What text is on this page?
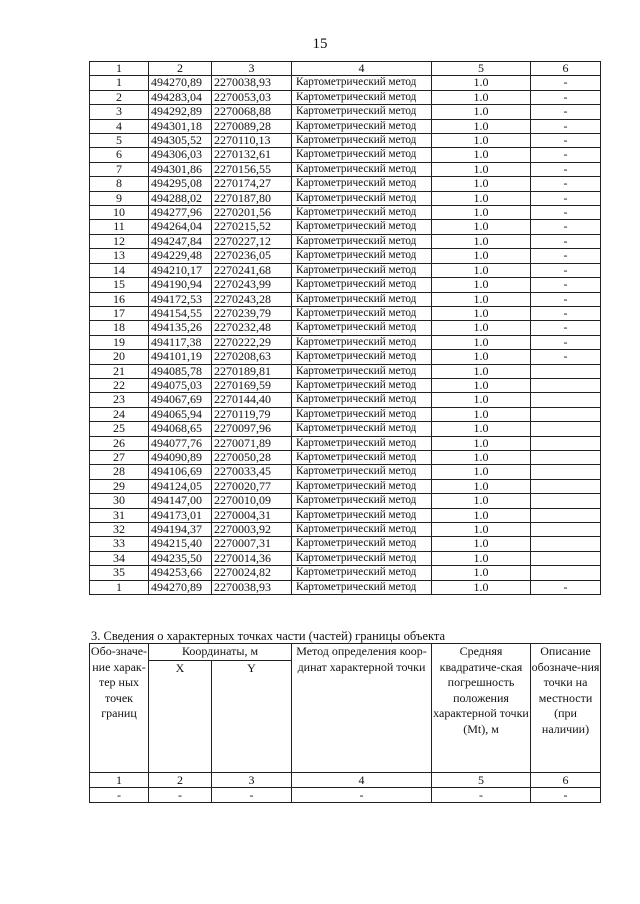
15
1	2	3	4	5	6
1	494270,89	2270038,93	Картометрический метод	1.0	-
2	494283,04	2270053,03	Картометрический метод	1.0	-
3	494292,89	2270068,88	Картометрический метод	1.0	-
4	494301,18	2270089,28	Картометрический метод	1.0	-
5	494305,52	2270110,13	Картометрический метод	1.0	-
6	494306,03	2270132,61	Картометрический метод	1.0	-
7	494301,86	2270156,55	Картометрический метод	1.0	-
8	494295,08	2270174,27	Картометрический метод	1.0	-
9	494288,02	2270187,80	Картометрический метод	1.0	-
10	494277,96	2270201,56	Картометрический метод	1.0	-
11	494264,04	2270215,52	Картометрический метод	1.0	-
12	494247,84	2270227,12	Картометрический метод	1.0	-
13	494229,48	2270236,05	Картометрический метод	1.0	-
14	494210,17	2270241,68	Картометрический метод	1.0	-
15	494190,94	2270243,99	Картометрический метод	1.0	-
16	494172,53	2270243,28	Картометрический метод	1.0	-
17	494154,55	2270239,79	Картометрический метод	1.0	-
18	494135,26	2270232,48	Картометрический метод	1.0	-
19	494117,38	2270222,29	Картометрический метод	1.0	-
20	494101,19	2270208,63	Картометрический метод	1.0	-
21	494085,78	2270189,81	Картометрический метод	1.0	
22	494075,03	2270169,59	Картометрический метод	1.0	
23	494067,69	2270144,40	Картометрический метод	1.0	
24	494065,94	2270119,79	Картометрический метод	1.0	
25	494068,65	2270097,96	Картометрический метод	1.0	
26	494077,76	2270071,89	Картометрический метод	1.0	
27	494090,89	2270050,28	Картометрический метод	1.0	
28	494106,69	2270033,45	Картометрический метод	1.0	
29	494124,05	2270020,77	Картометрический метод	1.0	
30	494147,00	2270010,09	Картометрический метод	1.0	
31	494173,01	2270004,31	Картометрический метод	1.0	
32	494194,37	2270003,92	Картометрический метод	1.0	
33	494215,40	2270007,31	Картометрический метод	1.0	
34	494235,50	2270014,36	Картометрический метод	1.0	
35	494253,66	2270024,82	Картометрический метод	1.0	
1	494270,89	2270038,93	Картометрический метод	1.0	-
3. Сведения о характерных точках части (частей) границы объекта
Обо-значе-ние харак-тер ных точек границ	Координаты, м		Метод определения коор-динат характерной точки	Средняя квадратиче-ская погрешность положения характерной точки (Mt), м	Описание обозначе-ния точки на местности (при наличии)
	X	Y			
1	2	3	4	5	6
-	-	-	-	-	-
